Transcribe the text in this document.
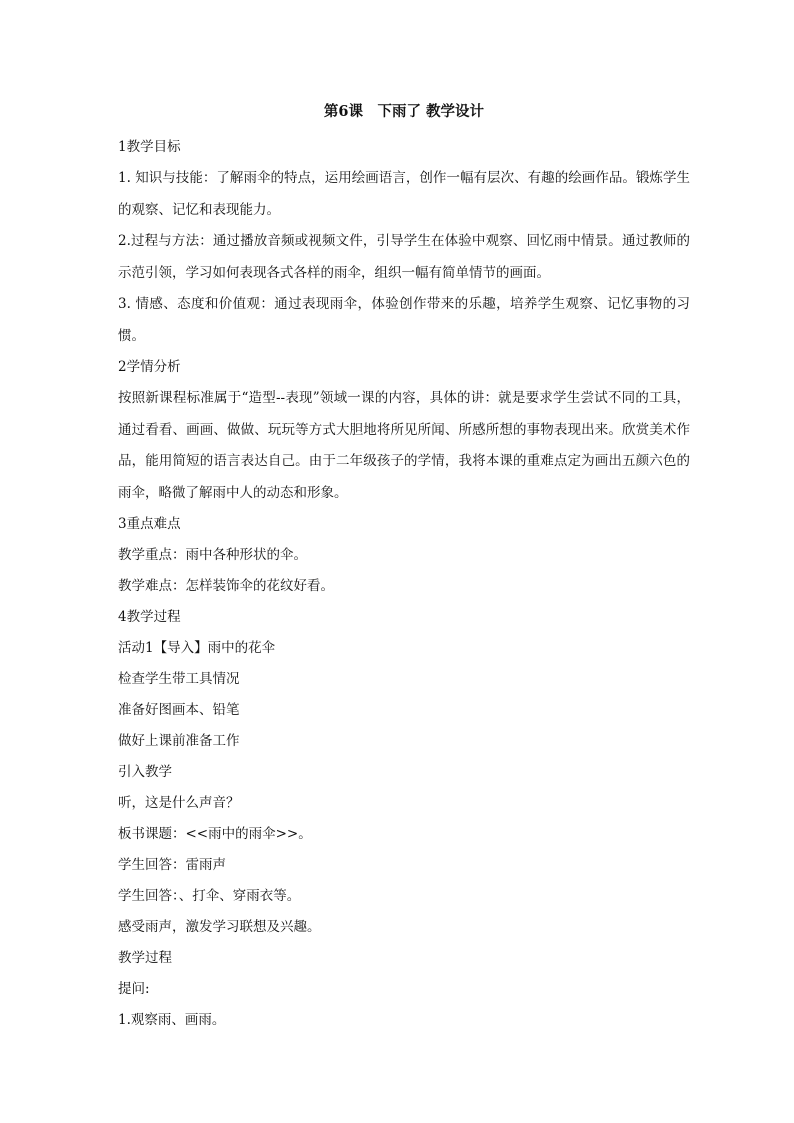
第6课　下雨了 教学设计
1教学目标
1. 知识与技能：了解雨伞的特点，运用绘画语言，创作一幅有层次、有趣的绘画作品。锻炼学生的观察、记忆和表现能力。
2.过程与方法：通过播放音频或视频文件，引导学生在体验中观察、回忆雨中情景。通过教师的示范引领，学习如何表现各式各样的雨伞，组织一幅有简单情节的画面。
3. 情感、态度和价值观：通过表现雨伞，体验创作带来的乐趣，培养学生观察、记忆事物的习惯。
2学情分析
按照新课程标准属于“造型--表现”领域一课的内容，具体的讲：就是要求学生尝试不同的工具，通过看看、画画、做做、玩玩等方式大胆地将所见所闻、所感所想的事物表现出来。欣赏美术作品，能用简短的语言表达自己。由于二年级孩子的学情，我将本课的重难点定为画出五颜六色的雨伞，略微了解雨中人的动态和形象。
3重点难点
教学重点：雨中各种形状的伞。
教学难点：怎样装饰伞的花纹好看。
4教学过程
活动1【导入】雨中的花伞
检查学生带工具情况
准备好图画本、铅笔
做好上课前准备工作
引入教学
听，这是什么声音？
板书课题：<<雨中的雨伞>>。
学生回答：雷雨声
学生回答：、打伞、穿雨衣等。
感受雨声，激发学习联想及兴趣。
教学过程
提问:
1.观察雨、画雨。
